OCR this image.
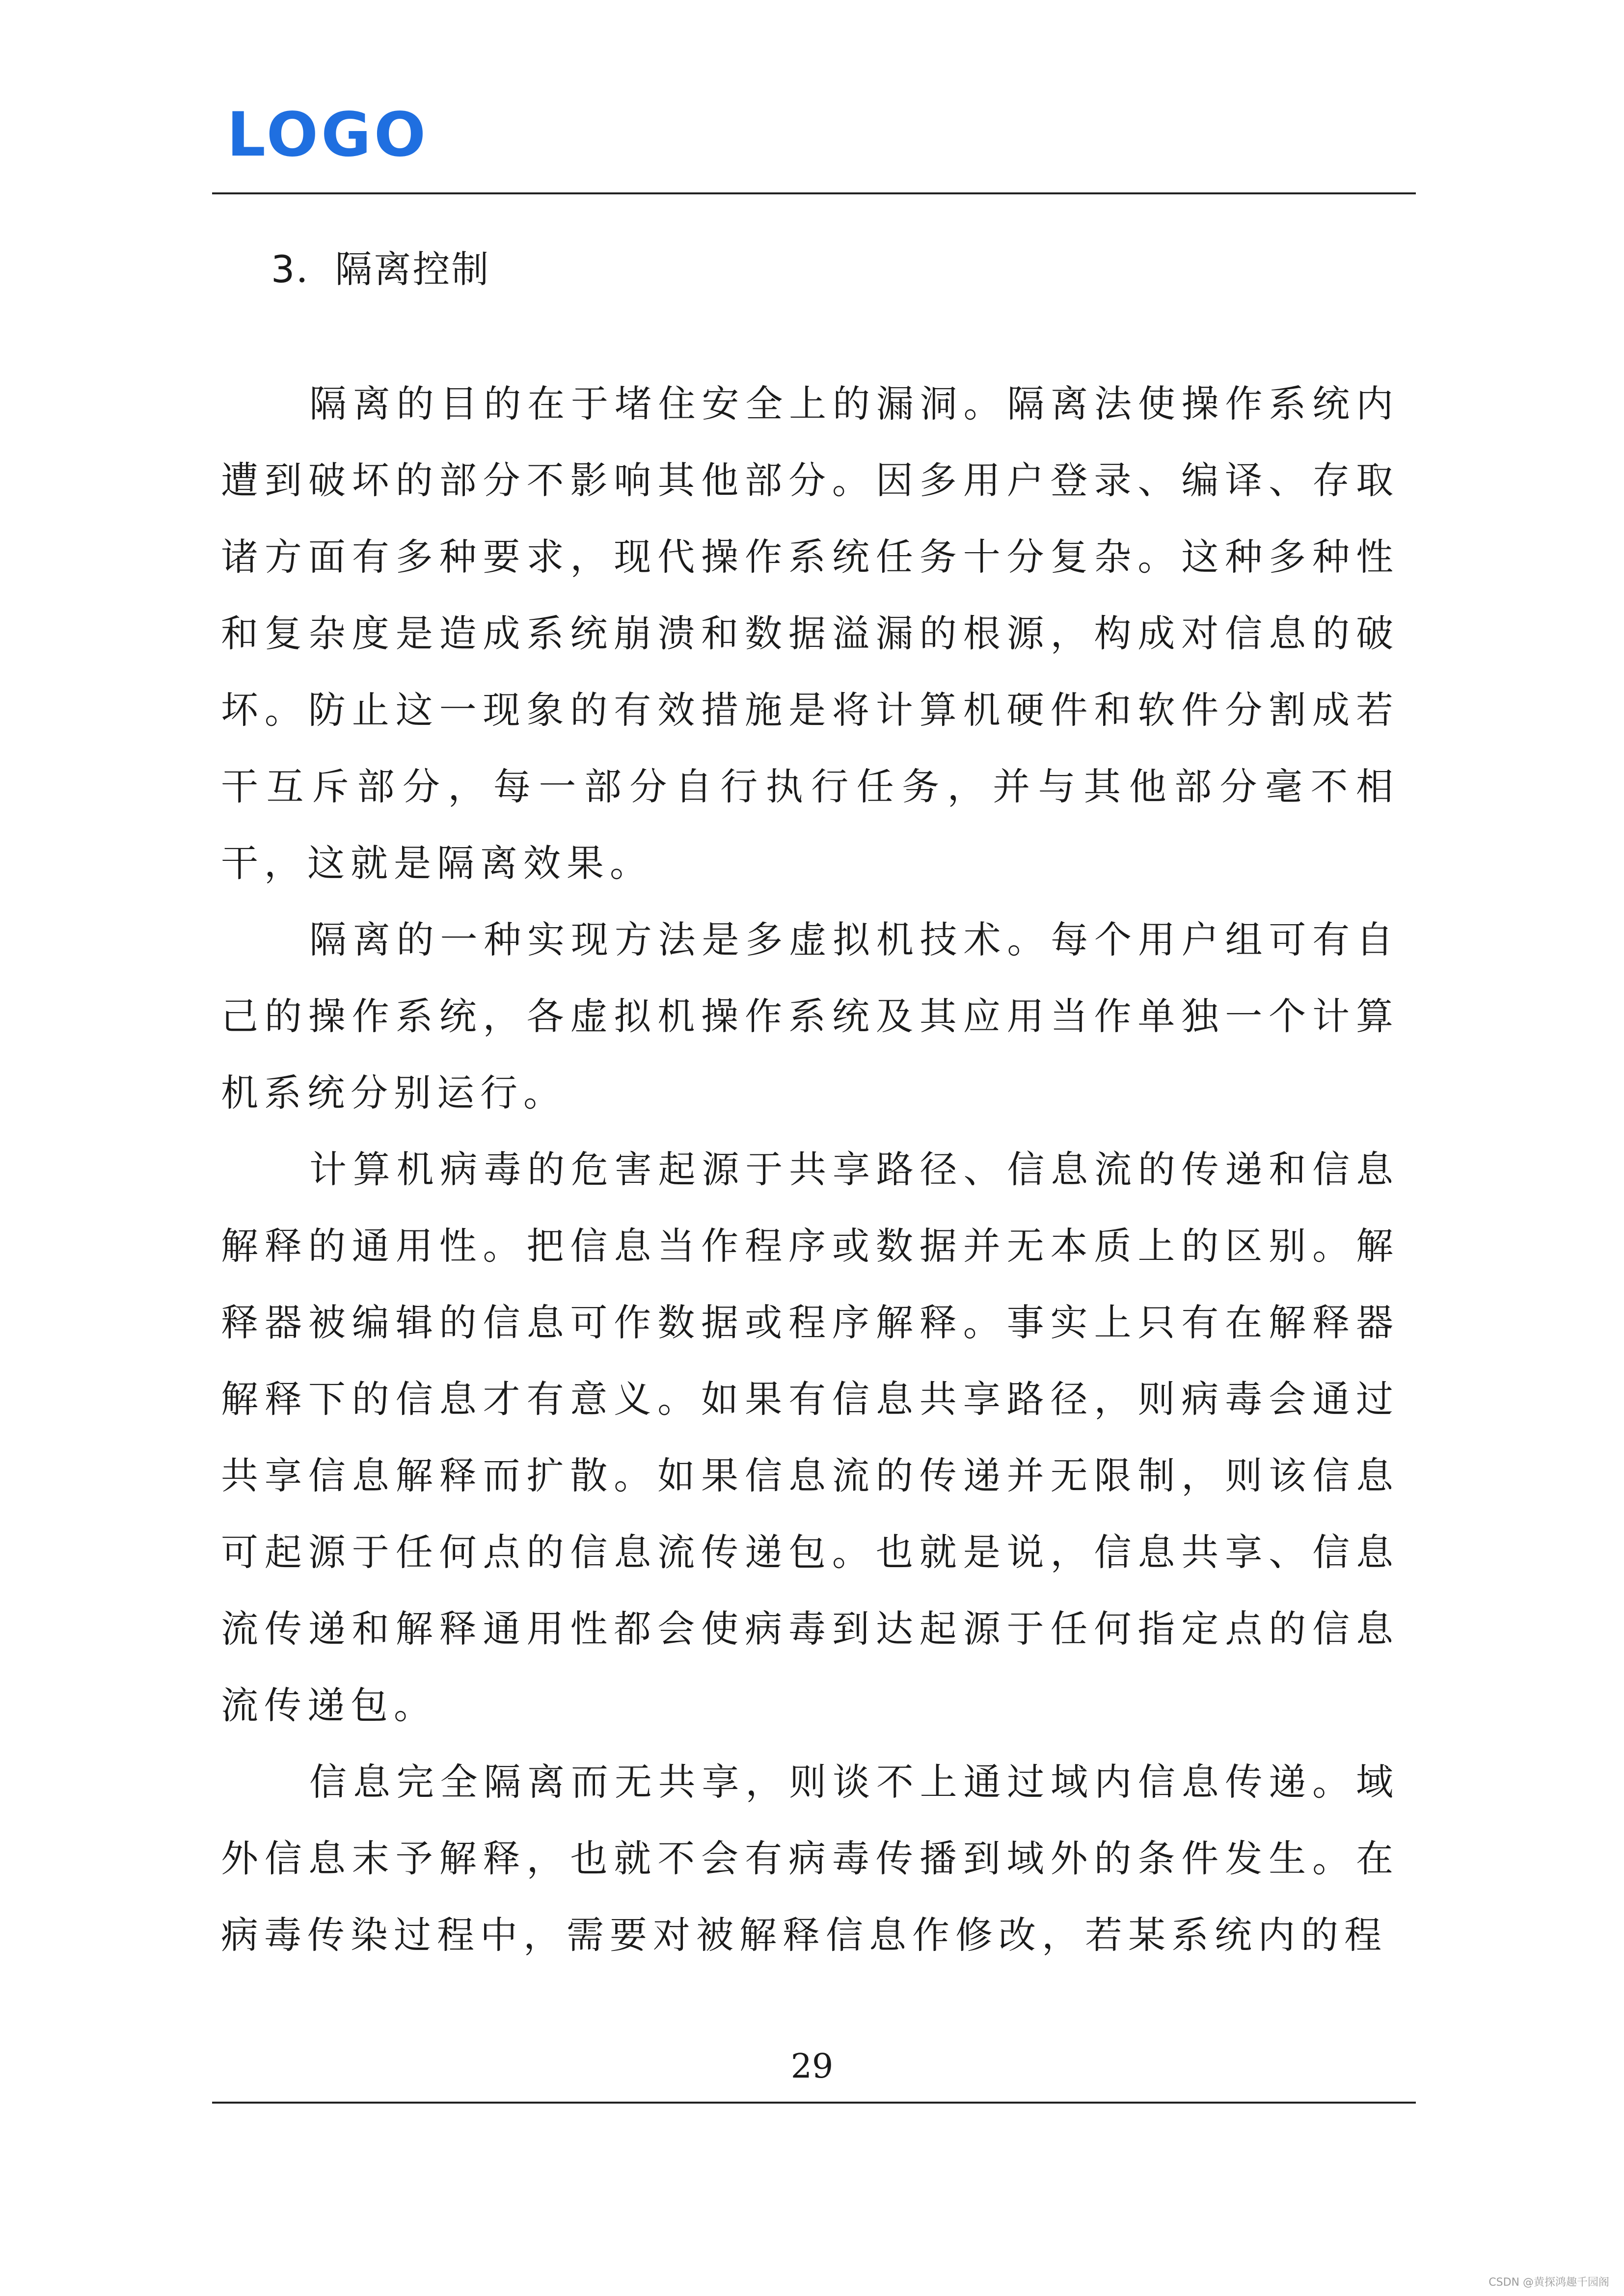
LOGO
3．隔离控制

隔离的目的在于堵住安全上的漏洞。隔离法使操作系统内遭到破坏的部分不影响其他部分。因多用户登录、编译、存取诸方面有多种要求，现代操作系统任务十分复杂。这种多种性和复杂度是造成系统崩溃和数据溢漏的根源，构成对信息的破坏。防止这一现象的有效措施是将计算机硬件和软件分割成若干互斥部分，每一部分自行执行任务，并与其他部分毫不相干，这就是隔离效果。

隔离的一种实现方法是多虚拟机技术。每个用户组可有自己的操作系统，各虚拟机操作系统及其应用当作单独一个计算机系统分别运行。

计算机病毒的危害起源于共享路径、信息流的传递和信息解释的通用性。把信息当作程序或数据并无本质上的区别。解释器被编辑的信息可作数据或程序解释。事实上只有在解释器解释下的信息才有意义。如果有信息共享路径，则病毒会通过共享信息解释而扩散。如果信息流的传递并无限制，则该信息可起源于任何点的信息流传递包。也就是说，信息共享、信息流传递和解释通用性都会使病毒到达起源于任何指定点的信息流传递包。

信息完全隔离而无共享，则谈不上通过域内信息传递。域外信息末予解释，也就不会有病毒传播到域外的条件发生。在病毒传染过程中，需要对被解释信息作修改，若某系统内的程

29
CSDN @黄探鸿趣千园阁
